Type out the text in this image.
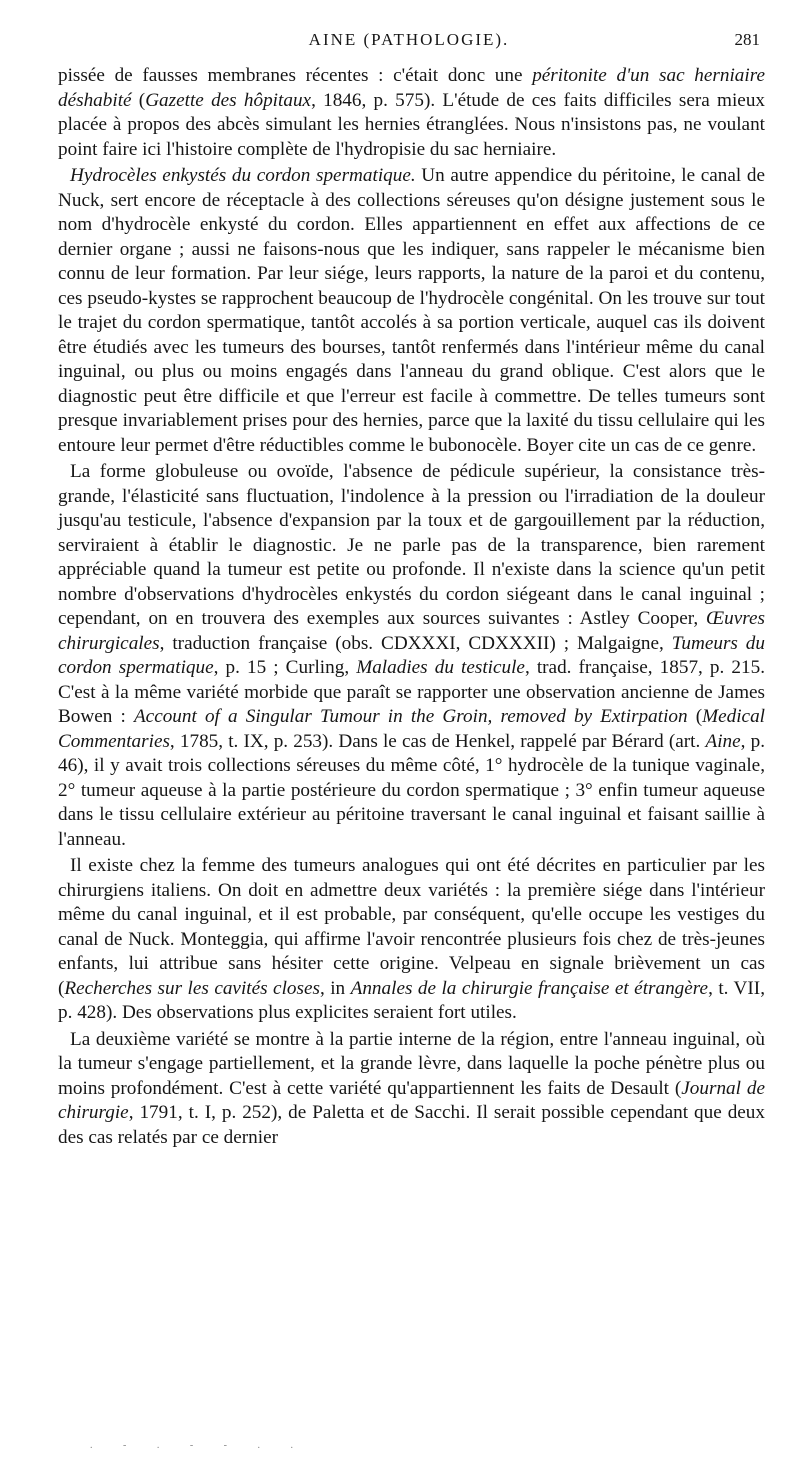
AINE (PATHOLOGIE).	281

pissée de fausses membranes récentes : c'était donc une péritonite d'un sac herniaire déshabité (Gazette des hôpitaux, 1846, p. 575). L'étude de ces faits difficiles sera mieux placée à propos des abcès simulant les hernies étranglées. Nous n'insistons pas, ne voulant point faire ici l'histoire complète de l'hydropisie du sac herniaire.

Hydrocèles enkystés du cordon spermatique. Un autre appendice du péritoine, le canal de Nuck, sert encore de réceptacle à des collections séreuses qu'on désigne justement sous le nom d'hydrocèle enkysté du cordon. Elles appartiennent en effet aux affections de ce dernier organe ; aussi ne faisons-nous que les indiquer, sans rappeler le mécanisme bien connu de leur formation. Par leur siége, leurs rapports, la nature de la paroi et du contenu, ces pseudo-kystes se rapprochent beaucoup de l'hydrocèle congénital. On les trouve sur tout le trajet du cordon spermatique, tantôt accolés à sa portion verticale, auquel cas ils doivent être étudiés avec les tumeurs des bourses, tantôt renfermés dans l'intérieur même du canal inguinal, ou plus ou moins engagés dans l'anneau du grand oblique. C'est alors que le diagnostic peut être difficile et que l'erreur est facile à commettre. De telles tumeurs sont presque invariablement prises pour des hernies, parce que la laxité du tissu cellulaire qui les entoure leur permet d'être réductibles comme le bubonocèle. Boyer cite un cas de ce genre.

La forme globuleuse ou ovoïde, l'absence de pédicule supérieur, la consistance très-grande, l'élasticité sans fluctuation, l'indolence à la pression ou l'irradiation de la douleur jusqu'au testicule, l'absence d'expansion par la toux et de gargouillement par la réduction, serviraient à établir le diagnostic. Je ne parle pas de la transparence, bien rarement appréciable quand la tumeur est petite ou profonde. Il n'existe dans la science qu'un petit nombre d'observations d'hydrocèles enkystés du cordon siégeant dans le canal inguinal ; cependant, on en trouvera des exemples aux sources suivantes : Astley Cooper, Œuvres chirurgicales, traduction française (obs. CDXXXI, CDXXXII) ; Malgaigne, Tumeurs du cordon spermatique, p. 15 ; Curling, Maladies du testicule, trad. française, 1857, p. 215. C'est à la même variété morbide que paraît se rapporter une observation ancienne de James Bowen : Account of a Singular Tumour in the Groin, removed by Extirpation (Medical Commentaries, 1785, t. IX, p. 253). Dans le cas de Henkel, rappelé par Bérard (art. Aine, p. 46), il y avait trois collections séreuses du même côté, 1° hydrocèle de la tunique vaginale, 2° tumeur aqueuse à la partie postérieure du cordon spermatique ; 3° enfin tumeur aqueuse dans le tissu cellulaire extérieur au péritoine traversant le canal inguinal et faisant saillie à l'anneau.

Il existe chez la femme des tumeurs analogues qui ont été décrites en particulier par les chirurgiens italiens. On doit en admettre deux variétés : la première siége dans l'intérieur même du canal inguinal, et il est probable, par conséquent, qu'elle occupe les vestiges du canal de Nuck. Monteggia, qui affirme l'avoir rencontrée plusieurs fois chez de très-jeunes enfants, lui attribue sans hésiter cette origine. Velpeau en signale brièvement un cas (Recherches sur les cavités closes, in Annales de la chirurgie française et étrangère, t. VII, p. 428). Des observations plus explicites seraient fort utiles.

La deuxième variété se montre à la partie interne de la région, entre l'anneau inguinal, où la tumeur s'engage partiellement, et la grande lèvre, dans laquelle la poche pénètre plus ou moins profondément. C'est à cette variété qu'appartiennent les faits de Desault (Journal de chirurgie, 1791, t. I, p. 252), de Paletta et de Sacchi. Il serait possible cependant que deux des cas relatés par ce dernier

. - . - - . .
